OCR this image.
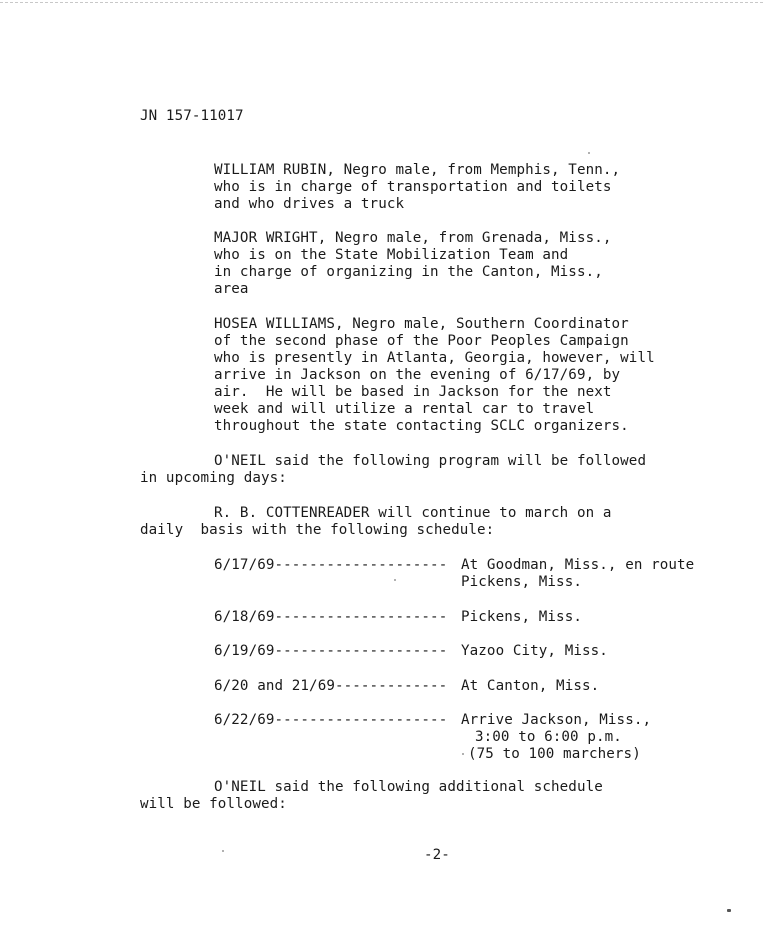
JN 157-11017
WILLIAM RUBIN, Negro male, from Memphis, Tenn.,
who is in charge of transportation and toilets
and who drives a truck
MAJOR WRIGHT, Negro male, from Grenada, Miss.,
who is on the State Mobilization Team and
in charge of organizing in the Canton, Miss.,
area
HOSEA WILLIAMS, Negro male, Southern Coordinator
of the second phase of the Poor Peoples Campaign
who is presently in Atlanta, Georgia, however, will
arrive in Jackson on the evening of 6/17/69, by
air.  He will be based in Jackson for the next
week and will utilize a rental car to travel
throughout the state contacting SCLC organizers.
O'NEIL said the following program will be followed
in upcoming days:
R. B. COTTENREADER will continue to march on a
daily  basis with the following schedule:
6/17/69-------------------- At Goodman, Miss., en route
Pickens, Miss.
6/18/69-------------------- Pickens, Miss.
6/19/69-------------------- Yazoo City, Miss.
6/20 and 21/69------------- At Canton, Miss.
6/22/69-------------------- Arrive Jackson, Miss.,
3:00 to 6:00 p.m.
(75 to 100 marchers)
O'NEIL said the following additional schedule
will be followed:
-2-
